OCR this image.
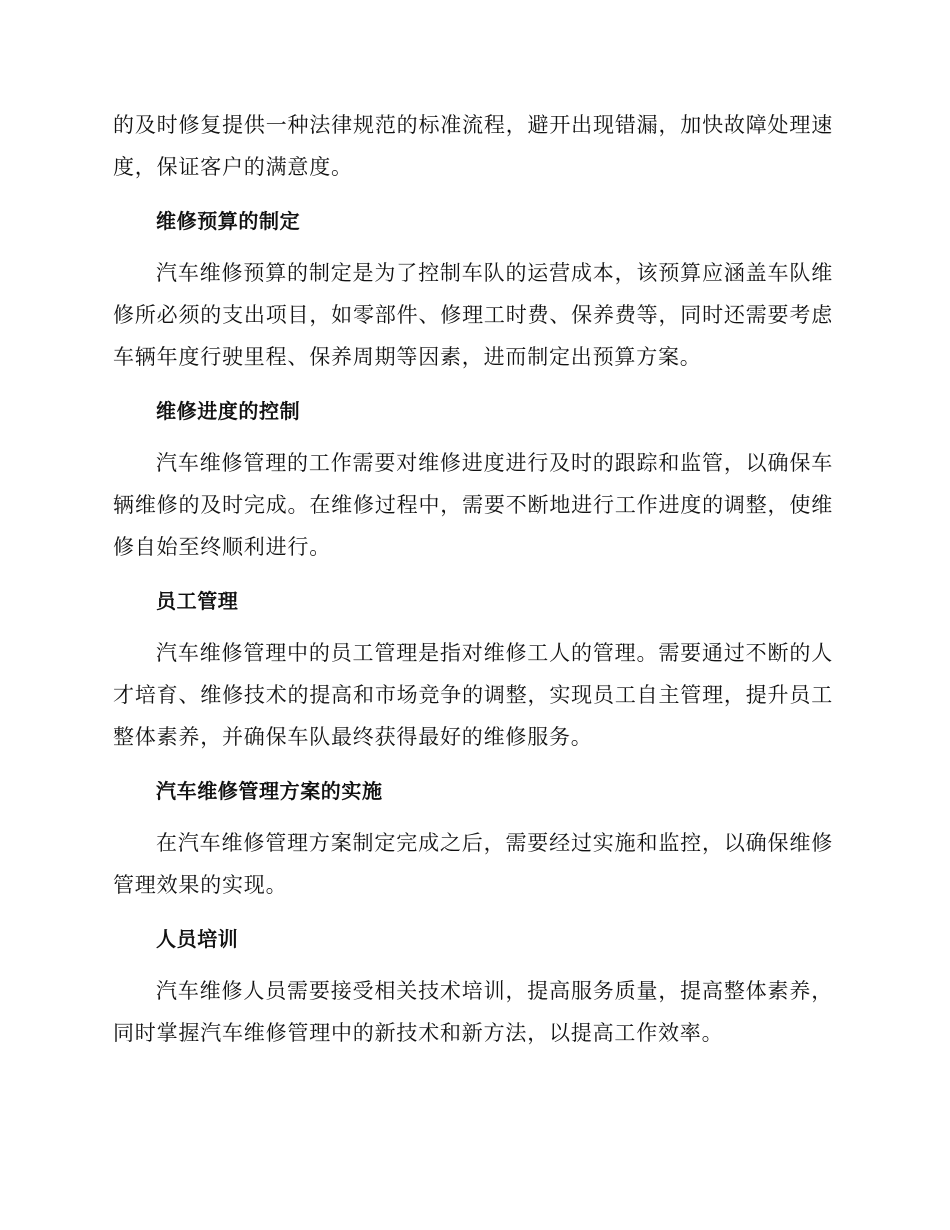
的及时修复提供一种法律规范的标准流程，避开出现错漏，加快故障处理速度，保证客户的满意度。

维修预算的制定

汽车维修预算的制定是为了控制车队的运营成本，该预算应涵盖车队维修所必须的支出项目，如零部件、修理工时费、保养费等，同时还需要考虑车辆年度行驶里程、保养周期等因素，进而制定出预算方案。

维修进度的控制

汽车维修管理的工作需要对维修进度进行及时的跟踪和监管，以确保车辆维修的及时完成。在维修过程中，需要不断地进行工作进度的调整，使维修自始至终顺利进行。

员工管理

汽车维修管理中的员工管理是指对维修工人的管理。需要通过不断的人才培育、维修技术的提高和市场竞争的调整，实现员工自主管理，提升员工整体素养，并确保车队最终获得最好的维修服务。

汽车维修管理方案的实施

在汽车维修管理方案制定完成之后，需要经过实施和监控，以确保维修管理效果的实现。

人员培训

汽车维修人员需要接受相关技术培训，提高服务质量，提高整体素养，同时掌握汽车维修管理中的新技术和新方法，以提高工作效率。
